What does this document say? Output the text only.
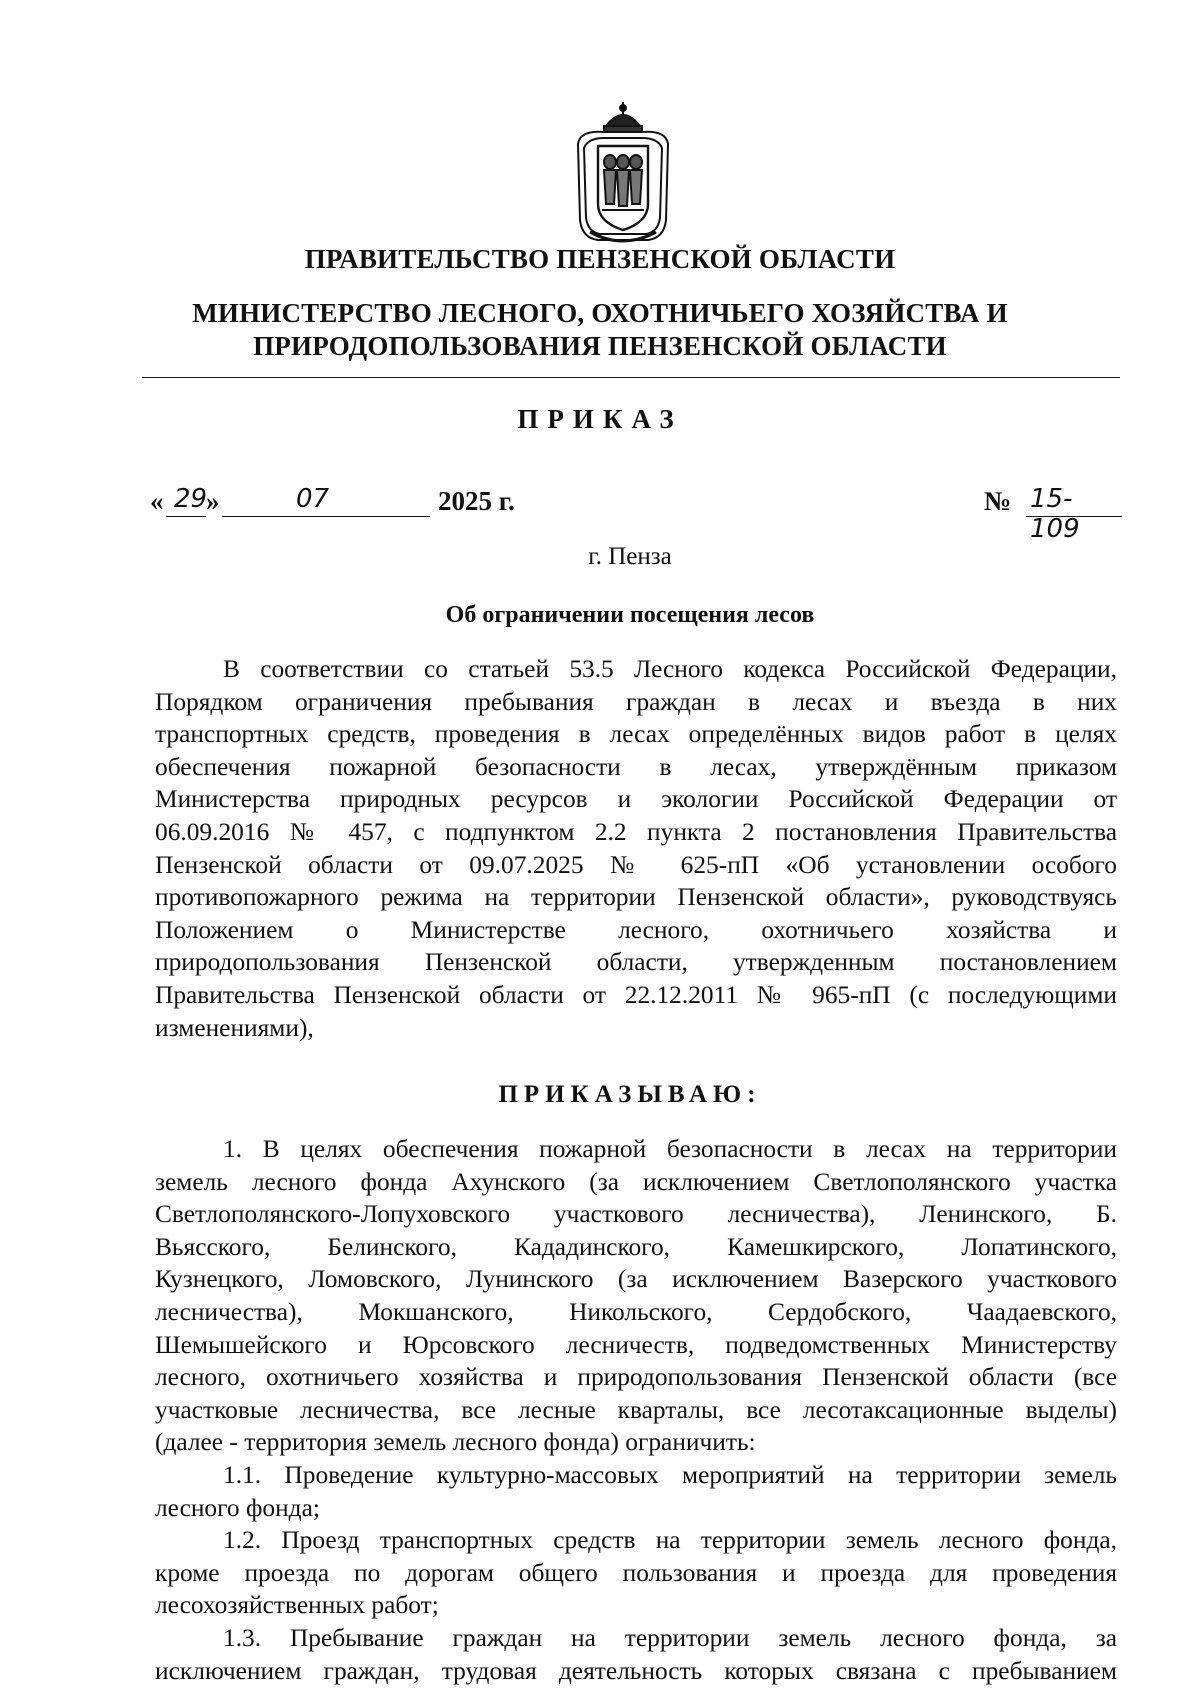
ПРАВИТЕЛЬСТВО ПЕНЗЕНСКОЙ ОБЛАСТИ
МИНИСТЕРСТВО ЛЕСНОГО, ОХОТНИЧЬЕГО ХОЗЯЙСТВА И
ПРИРОДОПОЛЬЗОВАНИЯ ПЕНЗЕНСКОЙ ОБЛАСТИ
ПРИКАЗ
« 29
»	07	2025 г.	№ 15-109
г. Пенза
Об ограничении посещения лесов
В соответствии со статьей 53.5 Лесного кодекса Российской Федерации,
Порядком ограничения пребывания граждан в лесах и въезда в них
транспортных средств, проведения в лесах определённых видов работ в целях
обеспечения пожарной безопасности в лесах, утверждённым приказом
Министерства природных ресурсов и экологии Российской Федерации от
06.09.2016 № 457, с подпунктом 2.2 пункта 2 постановления Правительства
Пензенской области от 09.07.2025 № 625-пП «Об установлении особого
противопожарного режима на территории Пензенской области», руководствуясь
Положением о Министерстве лесного, охотничьего хозяйства и
природопользования Пензенской области, утвержденным постановлением
Правительства Пензенской области от 22.12.2011 № 965-пП (с последующими
изменениями),
ПРИКАЗЫВАЮ:
1. В целях обеспечения пожарной безопасности в лесах на территории
земель лесного фонда Ахунского (за исключением Светлополянского участка
Светлополянского-Лопуховского участкового лесничества), Ленинского, Б.
Вьясского, Белинского, Кададинского, Камешкирского, Лопатинского,
Кузнецкого, Ломовского, Лунинского (за исключением Вазерского участкового
лесничества), Мокшанского, Никольского, Сердобского, Чаадаевского,
Шемышейского и Юрсовского лесничеств, подведомственных Министерству
лесного, охотничьего хозяйства и природопользования Пензенской области (все
участковые лесничества, все лесные кварталы, все лесотаксационные выделы)
(далее - территория земель лесного фонда) ограничить:
1.1. Проведение культурно-массовых мероприятий на территории земель
лесного фонда;
1.2. Проезд транспортных средств на территории земель лесного фонда,
кроме проезда по дорогам общего пользования и проезда для проведения
лесохозяйственных работ;
1.3. Пребывание граждан на территории земель лесного фонда, за
исключением граждан, трудовая деятельность которых связана с пребыванием
